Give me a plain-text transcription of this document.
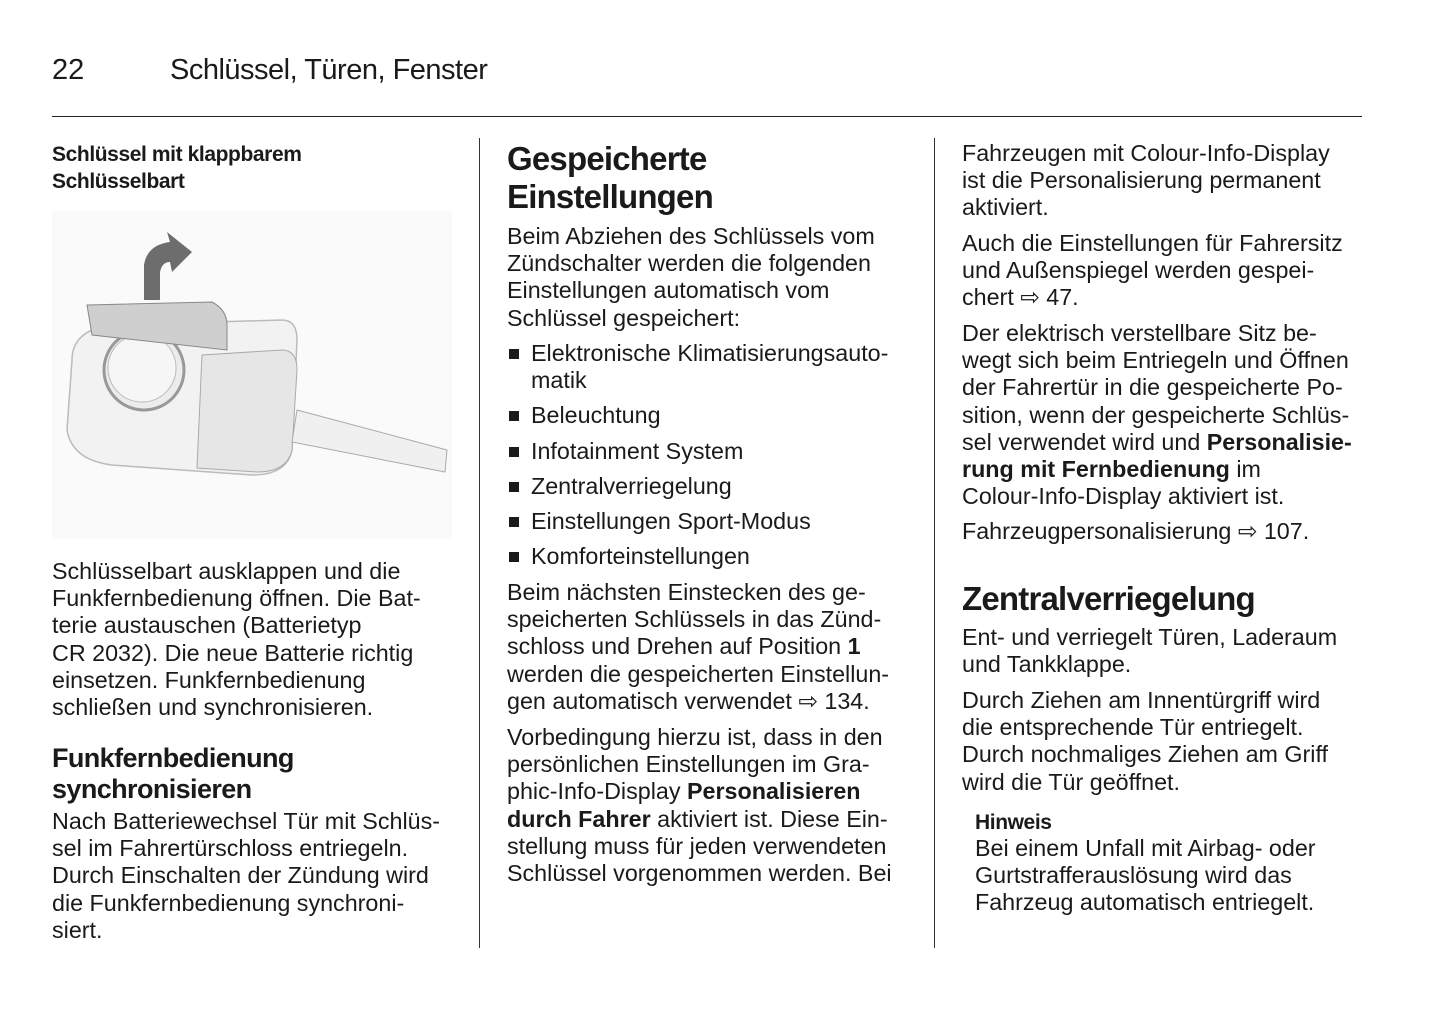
22	Schlüssel, Türen, Fenster
Schlüssel mit klappbarem
Schlüsselbart
Schlüsselbart ausklappen und die
Funkfernbedienung öffnen. Die Bat-
terie austauschen (Batterietyp
CR 2032). Die neue Batterie richtig
einsetzen. Funkfernbedienung
schließen und synchronisieren.
Funkfernbedienung
synchronisieren
Nach Batteriewechsel Tür mit Schlüs-
sel im Fahrertürschloss entriegeln.
Durch Einschalten der Zündung wird
die Funkfernbedienung synchroni-
siert.
Gespeicherte
Einstellungen
Beim Abziehen des Schlüssels vom
Zündschalter werden die folgenden
Einstellungen automatisch vom
Schlüssel gespeichert:
Elektronische Klimatisierungsauto-
matik
Beleuchtung
Infotainment System
Zentralverriegelung
Einstellungen Sport-Modus
Komforteinstellungen
Beim nächsten Einstecken des ge-
speicherten Schlüssels in das Zünd-
schloss und Drehen auf Position 1
werden die gespeicherten Einstellun-
gen automatisch verwendet ⇨ 134.
Vorbedingung hierzu ist, dass in den
persönlichen Einstellungen im Gra-
phic-Info-Display Personalisieren
durch Fahrer aktiviert ist. Diese Ein-
stellung muss für jeden verwendeten
Schlüssel vorgenommen werden. Bei
Fahrzeugen mit Colour-Info-Display
ist die Personalisierung permanent
aktiviert.
Auch die Einstellungen für Fahrersitz
und Außenspiegel werden gespei-
chert ⇨ 47.
Der elektrisch verstellbare Sitz be-
wegt sich beim Entriegeln und Öffnen
der Fahrertür in die gespeicherte Po-
sition, wenn der gespeicherte Schlüs-
sel verwendet wird und Personalisie-
rung mit Fernbedienung im
Colour-Info-Display aktiviert ist.
Fahrzeugpersonalisierung ⇨ 107.
Zentralverriegelung
Ent- und verriegelt Türen, Laderaum
und Tankklappe.
Durch Ziehen am Innentürgriff wird
die entsprechende Tür entriegelt.
Durch nochmaliges Ziehen am Griff
wird die Tür geöffnet.
Hinweis
Bei einem Unfall mit Airbag- oder
Gurtstrafferauslösung wird das
Fahrzeug automatisch entriegelt.
